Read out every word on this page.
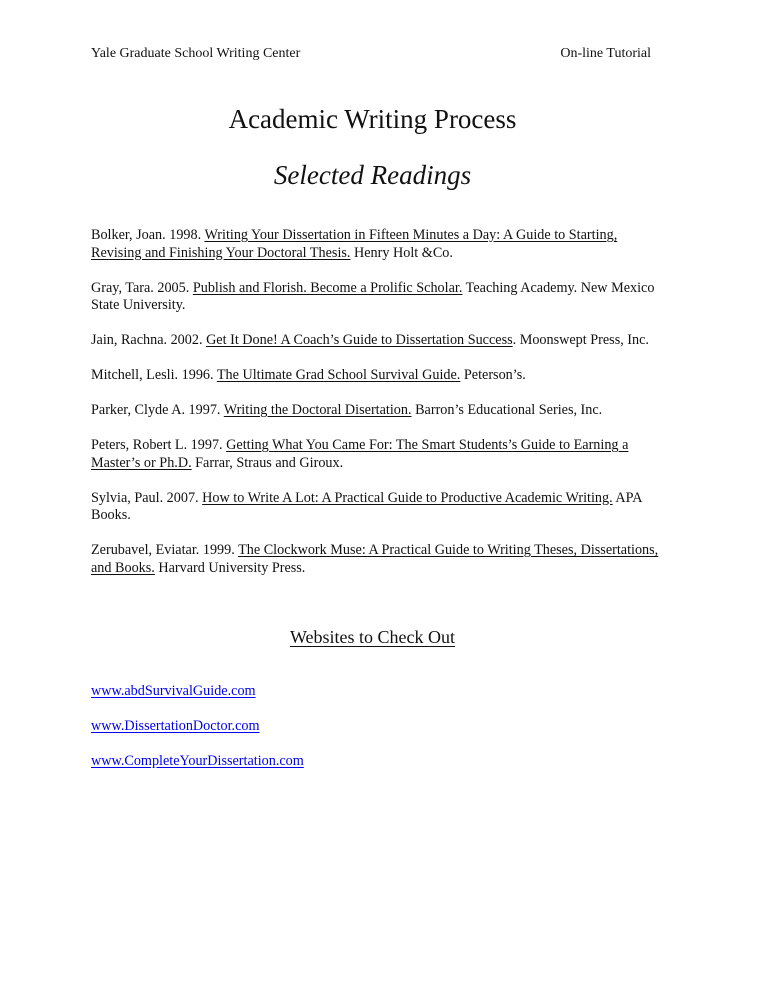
Yale Graduate School Writing Center	On-line Tutorial
Academic Writing Process
Selected Readings

Bolker, Joan. 1998. Writing Your Dissertation in Fifteen Minutes a Day: A Guide to Starting, Revising and Finishing Your Doctoral Thesis. Henry Holt &Co.

Gray, Tara. 2005. Publish and Florish. Become a Prolific Scholar. Teaching Academy. New Mexico State University.

Jain, Rachna. 2002. Get It Done! A Coach’s Guide to Dissertation Success. Moonswept Press, Inc.

Mitchell, Lesli. 1996. The Ultimate Grad School Survival Guide. Peterson’s.

Parker, Clyde A. 1997. Writing the Doctoral Disertation. Barron’s Educational Series, Inc.

Peters, Robert L. 1997. Getting What You Came For: The Smart Students’s Guide to Earning a Master’s or Ph.D. Farrar, Straus and Giroux.

Sylvia, Paul. 2007. How to Write A Lot: A Practical Guide to Productive Academic Writing. APA Books.

Zerubavel, Eviatar. 1999. The Clockwork Muse: A Practical Guide to Writing Theses, Dissertations, and Books. Harvard University Press.

Websites to Check Out
www.abdSurvivalGuide.com
www.DissertationDoctor.com
www.CompleteYourDissertation.com
